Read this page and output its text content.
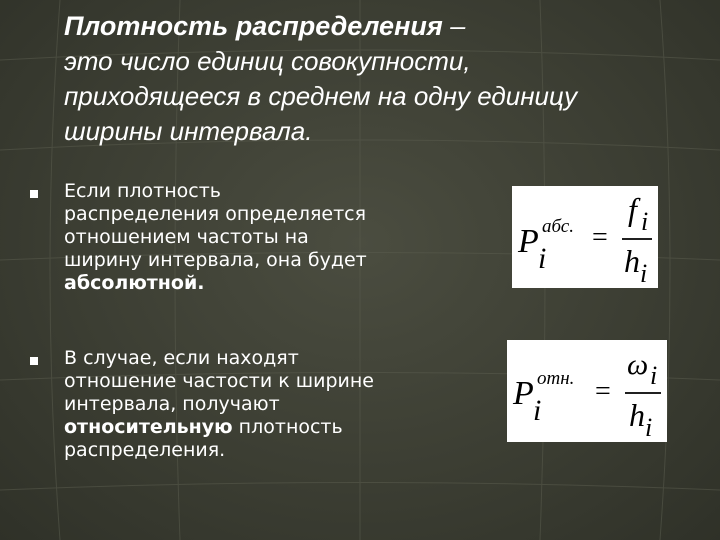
Плотность распределения –

это число единиц совокупности,

приходящееся в среднем на одну единицу

ширины интервала.

Если плотность

распределения определяется

отношением частоты на

ширину интервала, она будет

абсолютной.

В случае, если находят

отношение частости к ширине

интервала, получают

относительную плотность

распределения.

P абс.
i
=
f i
h i
P отн.
i
=
ω i
h i
